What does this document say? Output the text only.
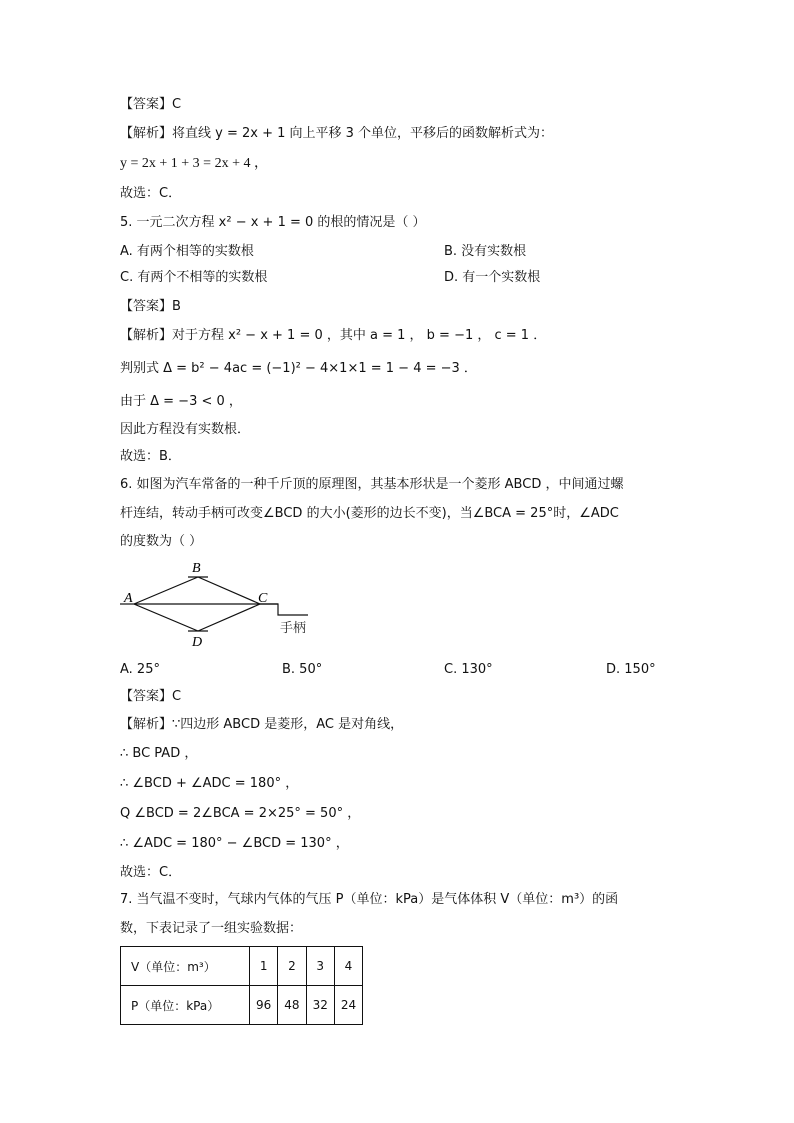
【答案】C
【解析】将直线 y = 2x + 1 向上平移 3 个单位，平移后的函数解析式为：
y = 2x + 1 + 3 = 2x + 4 ，
故选：C．
5. 一元二次方程 x² − x + 1 = 0 的根的情况是（ ）
A. 有两个相等的实数根	B. 没有实数根
C. 有两个不相等的实数根	D. 有一个实数根
【答案】B
【解析】对于方程 x² − x + 1 = 0 ，其中 a = 1 ， b = −1 ， c = 1 ．
判别式 Δ = b² − 4ac = (−1)² − 4×1×1 = 1 − 4 = −3 ．
由于 Δ = −3 < 0 ，
因此方程没有实数根．
故选：B．
6. 如图为汽车常备的一种千斤顶的原理图，其基本形状是一个菱形 ABCD ，中间通过螺
杆连结，转动手柄可改变∠BCD 的大小(菱形的边长不变)，当∠BCA = 25°时，∠ADC
的度数为（ ）
A
B
C
D
手柄
A. 25°	B. 50°	C. 130°	D. 150°
【答案】C
【解析】∵四边形 ABCD 是菱形，AC 是对角线，
∴ BC PAD ，
∴ ∠BCD + ∠ADC = 180° ，
Q ∠BCD = 2∠BCA = 2×25° = 50° ，
∴ ∠ADC = 180° − ∠BCD = 130° ，
故选：C．
7. 当气温不变时，气球内气体的气压 P（单位：kPa）是气体体积 V（单位：m³）的函
数，下表记录了一组实验数据：
V（单位：m³）	1	2	3	4
P（单位：kPa）	96	48	32	24
